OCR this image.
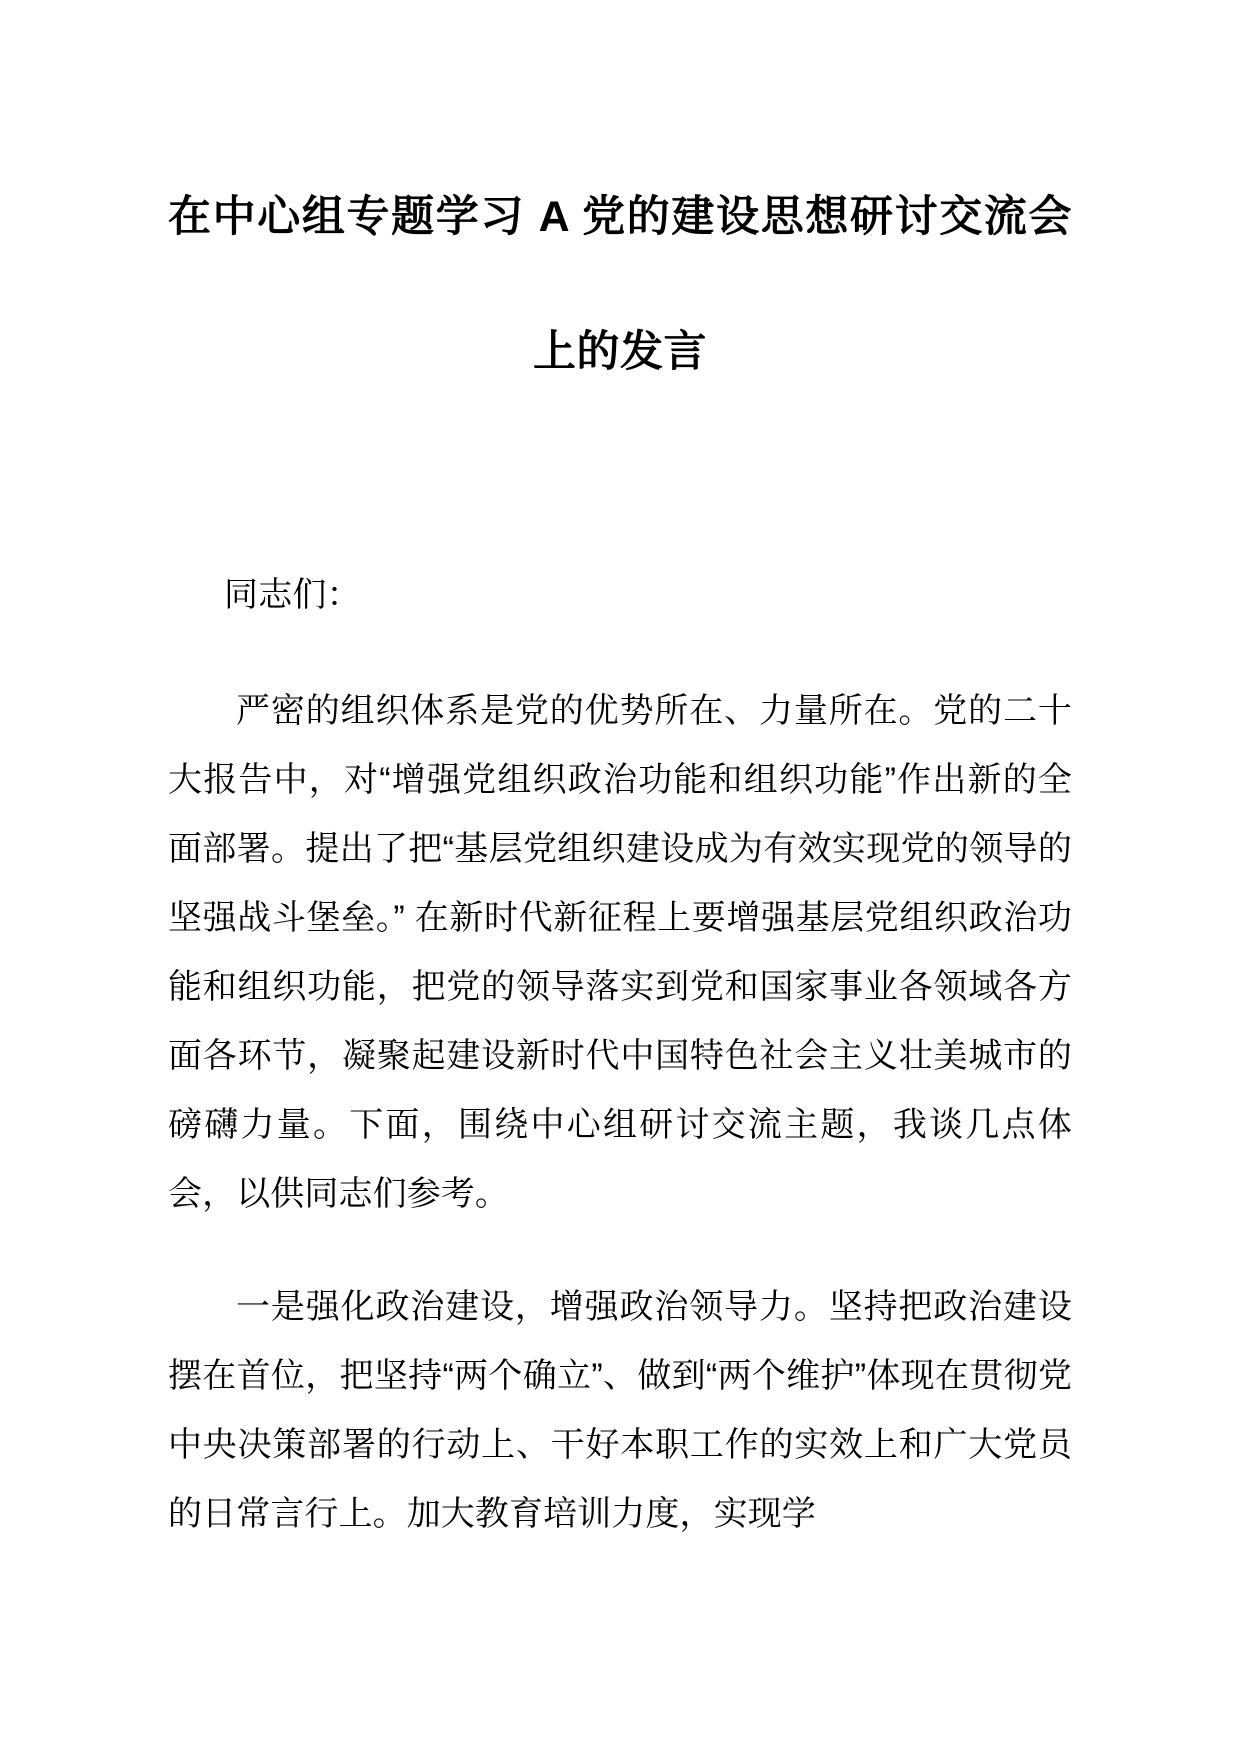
在中心组专题学习 A 党的建设思想研讨交流会上的发言

同志们：

严密的组织体系是党的优势所在、力量所在。党的二十大报告中，对“增强党组织政治功能和组织功能”作出新的全面部署。提出了把“基层党组织建设成为有效实现党的领导的坚强战斗堡垒。” 在新时代新征程上要增强基层党组织政治功能和组织功能，把党的领导落实到党和国家事业各领域各方面各环节，凝聚起建设新时代中国特色社会主义壮美城市的磅礴力量。下面，围绕中心组研讨交流主题，我谈几点体会，以供同志们参考。

一是强化政治建设，增强政治领导力。坚持把政治建设摆在首位，把坚持“两个确立”、做到“两个维护”体现在贯彻党中央决策部署的行动上、干好本职工作的实效上和广大党员的日常言行上。加大教育培训力度，实现学
